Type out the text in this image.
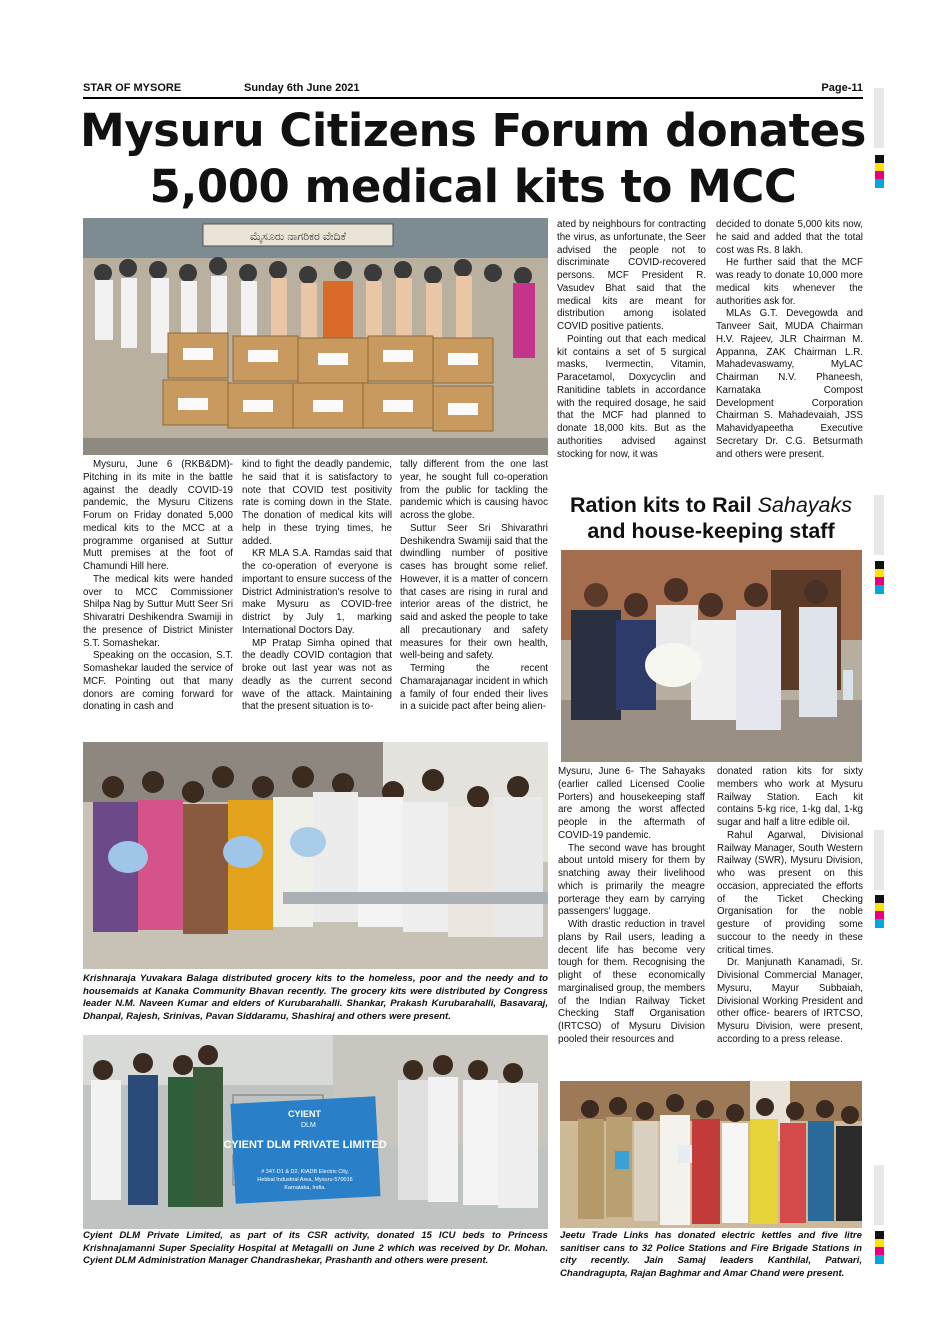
STAR OF MYSORE	Sunday 6th June 2021	Page-11
Mysuru Citizens Forum donates
5,000 medical kits to MCC
ಮೈಸೂರು ನಾಗರಿಕರ ವೇದಿಕೆ

Mysuru, June 6 (RKB&DM)- Pitching in its mite in the battle against the deadly COVID-19 pandemic, the Mysuru Citizens Forum on Friday donated 5,000 medical kits to the MCC at a programme organised at Suttur Mutt premises at the foot of Chamundi Hill here.

The medical kits were handed over to MCC Commissioner Shilpa Nag by Suttur Mutt Seer Sri Shivaratri Deshikendra Swamiji in the presence of District Minister S.T. Somashekar.

Speaking on the occasion, S.T. Somashekar lauded the service of MCF. Pointing out that many donors are coming forward for donating in cash and

kind to fight the deadly pandemic, he said that it is satisfactory to note that COVID test positivity rate is coming down in the State. The donation of medical kits will help in these trying times, he added.

KR MLA S.A. Ramdas said that the co-operation of everyone is important to ensure success of the District Administration's resolve to make Mysuru as COVID-free district by July 1, marking International Doctors Day.

MP Pratap Simha opined that the deadly COVID contagion that broke out last year was not as deadly as the current second wave of the attack. Maintaining that the present situation is to-

tally different from the one last year, he sought full co-operation from the public for tackling the pandemic which is causing havoc across the globe.

Suttur Seer Sri Shivarathri Deshikendra Swamiji said that the dwindling number of positive cases has brought some relief. However, it is a matter of concern that cases are rising in rural and interior areas of the district, he said and asked the people to take all precautionary and safety measures for their own health, well-being and safety.

Terming the recent Chamarajanagar incident in which a family of four ended their lives in a suicide pact after being alien-

ated by neighbours for contracting the virus, as unfortunate, the Seer advised the people not to discriminate COVID-recovered persons. MCF President R. Vasudev Bhat said that the medical kits are meant for distribution among isolated COVID positive patients.

Pointing out that each medical kit contains a set of 5 surgical masks, Ivermectin, Vitamin, Paracetamol, Doxycyclin and Ranitidine tablets in accordance with the required dosage, he said that the MCF had planned to donate 18,000 kits. But as the authorities advised against stocking for now, it was

decided to donate 5,000 kits now, he said and added that the total cost was Rs. 8 lakh.

He further said that the MCF was ready to donate 10,000 more medical kits whenever the authorities ask for.

MLAs G.T. Devegowda and Tanveer Sait, MUDA Chairman H.V. Rajeev, JLR Chairman M. Appanna, ZAK Chairman L.R. Mahadevaswamy, MyLAC Chairman N.V. Phaneesh, Karnataka Compost Development Corporation Chairman S. Mahadevaiah, JSS Mahavidyapeetha Executive Secretary Dr. C.G. Betsurmath and others were present.

Ration kits to Rail Sahayaks
and house-keeping staff

Mysuru, June 6- The Sahayaks (earlier called Licensed Coolie Porters) and housekeeping staff are among the worst affected people in the aftermath of COVID-19 pandemic.

The second wave has brought about untold misery for them by snatching away their livelihood which is primarily the meagre porterage they earn by carrying passengers' luggage.

With drastic reduction in travel plans by Rail users, leading a decent life has become very tough for them. Recognising the plight of these economically marginalised group, the members of the Indian Railway Ticket Checking Staff Organisation (IRTCSO) of Mysuru Division pooled their resources and

donated ration kits for sixty members who work at Mysuru Railway Station. Each kit contains 5-kg rice, 1-kg dal, 1-kg sugar and half a litre edible oil.

Rahul Agarwal, Divisional Railway Manager, South Western Railway (SWR), Mysuru Division, who was present on this occasion, appreciated the efforts of the Ticket Checking Organisation for the noble gesture of providing some succour to the needy in these critical times.

Dr. Manjunath Kanamadi, Sr. Divisional Commercial Manager, Mysuru, Mayur Subbaiah, Divisional Working President and other office- bearers of IRTCSO, Mysuru Division, were present, according to a press release.

Krishnaraja Yuvakara Balaga distributed grocery kits to the homeless, poor and the needy and to housemaids at Kanaka Community Bhavan recently. The grocery kits were distributed by Congress leader N.M. Naveen Kumar and elders of Kurubarahalli. Shankar, Prakash Kurubarahalli, Basavaraj, Dhanpal, Rajesh, Srinivas, Pavan Siddaramu, Shashiraj and others were present.
CYIENT
DLM
CYIENT DLM PRIVATE LIMITED
# 347-D1 & D2, KIADB Electric City,
Hebbal Industrial Area, Mysuru-570016
Karnataka, India.
Cyient DLM Private Limited, as part of its CSR activity, donated 15 ICU beds to Princess Krishnajamanni Super Speciality Hospital at Metagalli on June 2 which was received by Dr. Mohan. Cyient DLM Administration Manager Chandrashekar, Prashanth and others were present.
Jeetu Trade Links has donated electric kettles and five litre sanitiser cans to 32 Police Stations and Fire Brigade Stations in city recently. Jain Samaj leaders Kanthilal, Patwari, Chandragupta, Rajan Baghmar and Amar Chand were present.
